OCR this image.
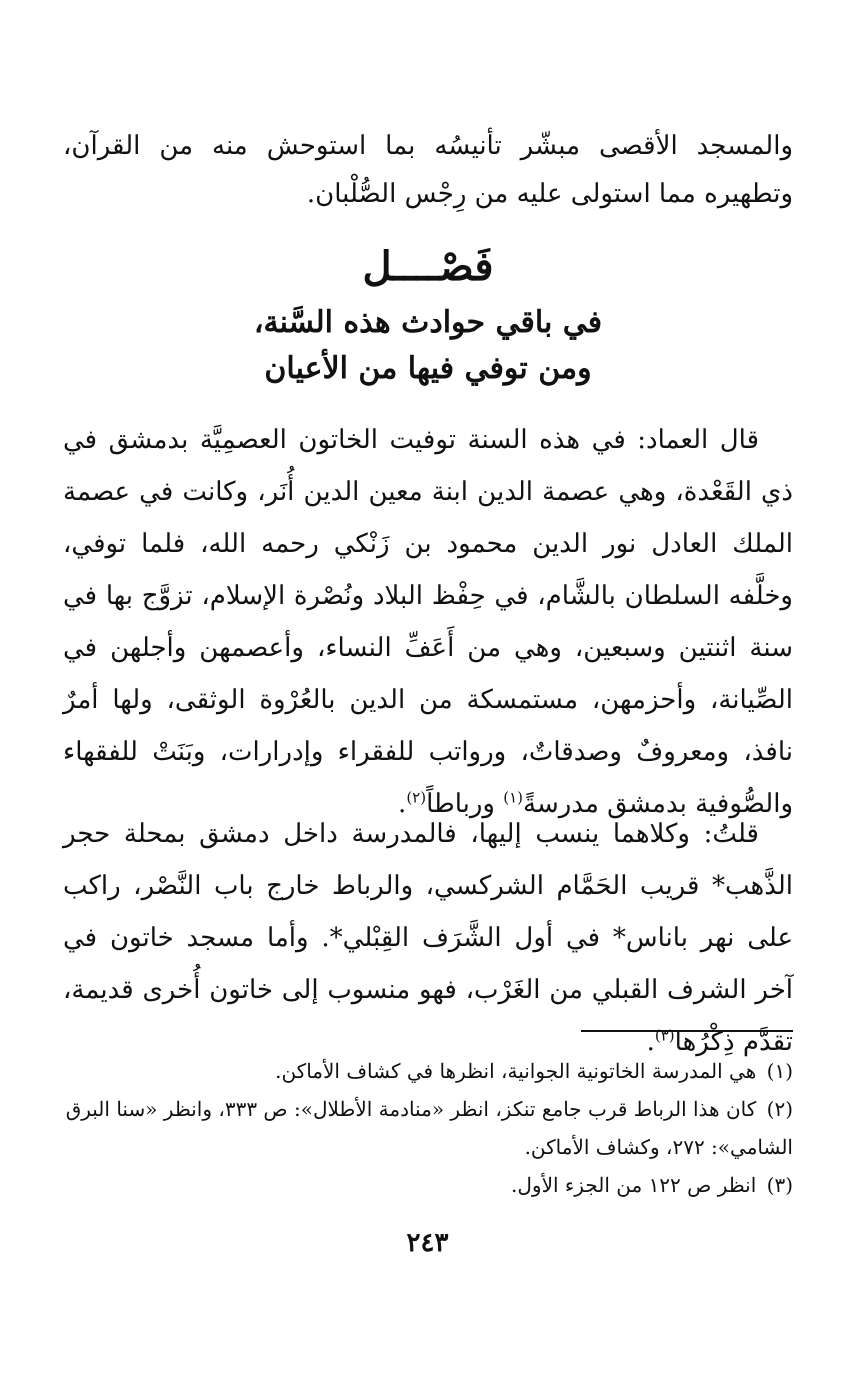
والمسجد الأقصى مبشّر تأنيسُه بما استوحش منه من القرآن، وتطهيره مما استولى عليه من رِجْس الصُّلْبان.

فَصْــــل

في باقي حوادث هذه السَّنة،
ومن توفي فيها من الأعيان

قال العماد: في هذه السنة توفيت الخاتون العصمِيَّة بدمشق في ذي القَعْدة، وهي عصمة الدين ابنة معين الدين أُنَر، وكانت في عصمة الملك العادل نور الدين محمود بن زَنْكي رحمه الله، فلما توفي، وخلَّفه السلطان بالشَّام، في حِفْظ البلاد ونُصْرة الإسلام، تزوَّج بها في سنة اثنتين وسبعين، وهي من أَعَفِّ النساء، وأعصمهن وأجلهن في الصِّيانة، وأحزمهن، مستمسكة من الدين بالعُرْوة الوثقى، ولها أمرٌ نافذ، ومعروفٌ وصدقاتٌ، ورواتب للفقراء وإدرارات، وبَنَتْ للفقهاء والصُّوفية بدمشق مدرسةً$^{(١)}$ ورباطاً$^{(٢)}$.

قلتُ: وكلاهما ينسب إليها، فالمدرسة داخل دمشق بمحلة حجر الذَّهب* قريب الحَمَّام الشركسي، والرباط خارج باب النَّصْر، راكب على نهر باناس* في أول الشَّرَف القِبْلي*. وأما مسجد خاتون في آخر الشرف القبلي من الغَرْب، فهو منسوب إلى خاتون أُخرى قديمة، تقدَّم ذِكْرُها$^{(٣)}$.

(١) هي المدرسة الخاتونية الجوانية، انظرها في كشاف الأماكن.
(٢) كان هذا الرباط قرب جامع تنكز، انظر «منادمة الأطلال»: ص ٣٣٣، وانظر «سنا البرق الشامي»: ٢٧٢، وكشاف الأماكن.
(٣) انظر ص ١٢٢ من الجزء الأول.
٢٤٣
